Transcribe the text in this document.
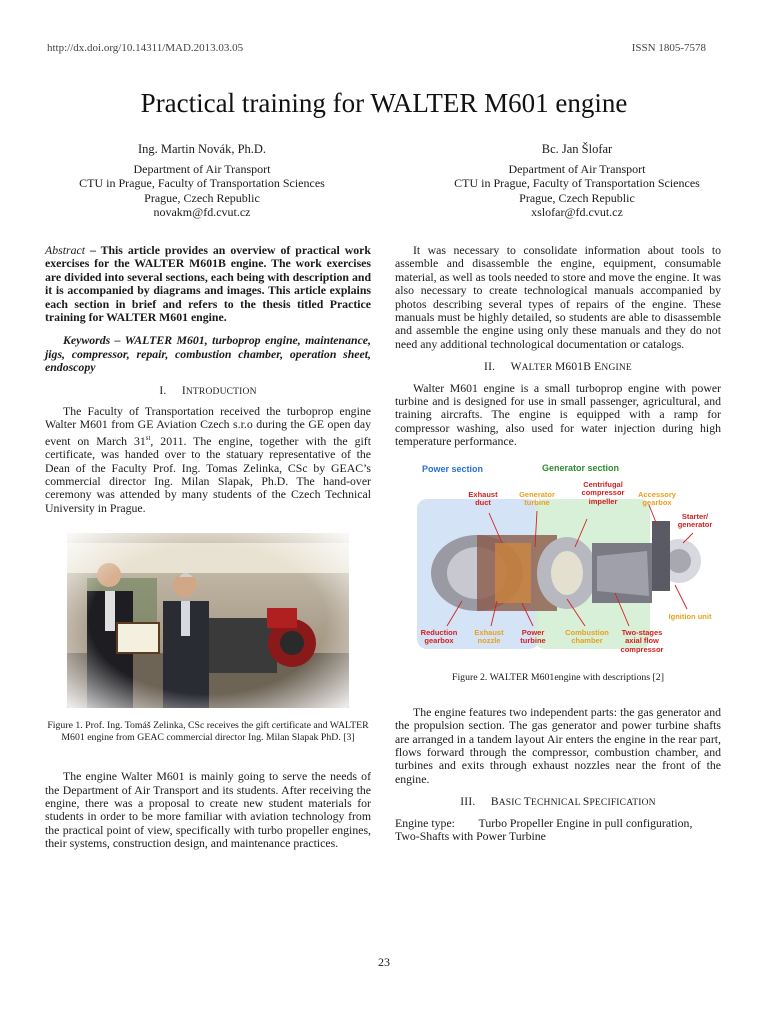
http://dx.doi.org/10.14311/MAD.2013.03.05	ISSN 1805-7578
Practical training for WALTER M601 engine
Ing. Martin Novák, Ph.D.
Department of Air Transport
CTU in Prague, Faculty of Transportation Sciences
Prague, Czech Republic
novakm@fd.cvut.cz
Bc. Jan Šlofar
Department of Air Transport
CTU in Prague, Faculty of Transportation Sciences
Prague, Czech Republic
xslofar@fd.cvut.cz

Abstract – This article provides an overview of practical work exercises for the WALTER M601B engine. The work exercises are divided into several sections, each being with description and it is accompanied by diagrams and images. This article explains each section in brief and refers to the thesis titled Practice training for WALTER M601 engine.

Keywords – WALTER M601, turboprop engine, maintenance, jigs, compressor, repair, combustion chamber, operation sheet, endoscopy

I. INTRODUCTION

The Faculty of Transportation received the turboprop engine Walter M601 from GE Aviation Czech s.r.o during the GE open day event on March 31st, 2011. The engine, together with the gift certificate, was handed over to the statuary representative of the Dean of the Faculty Prof. Ing. Tomas Zelinka, CSc by GEAC’s commercial director Ing. Milan Slapak, Ph.D. The hand-over ceremony was attended by many students of the Czech Technical University in Prague.

Figure 1. Prof. Ing. Tomáš Zelinka, CSc receives the gift certificate and WALTER M601 engine from GEAC commercial director Ing. Milan Slapak PhD. [3]

The engine Walter M601 is mainly going to serve the needs of the Department of Air Transport and its students. After receiving the engine, there was a proposal to create new student materials for students in order to be more familiar with aviation technology from the practical point of view, specifically with turbo propeller engines, their systems, construction design, and maintenance practices.

It was necessary to consolidate information about tools to assemble and disassemble the engine, equipment, consumable material, as well as tools needed to store and move the engine. It was also necessary to create technological manuals accompanied by photos describing several types of repairs of the engine. These manuals must be highly detailed, so students are able to disassemble and assemble the engine using only these manuals and they do not need any additional technological documentation or catalogs.

II. WALTER M601B ENGINE

Walter M601 engine is a small turboprop engine with power turbine and is designed for use in small passenger, agricultural, and training aircrafts. The engine is equipped with a ramp for compressor washing, also used for water injection during high temperature performance.

Power section	Generator section
Exhaust duct
Generator turbine
Centrifugal compressor impeller
Accessory gearbox
Starter/ generator
Ignition unit
Reduction gearbox
Exhaust nozzle
Power turbine
Combustion chamber
Two-stages axial flow compressor

Figure 2. WALTER M601engine with descriptions [2]

The engine features two independent parts: the gas generator and the propulsion section. The gas generator and power turbine shafts are arranged in a tandem layout Air enters the engine in the rear part, flows forward through the compressor, combustion chamber, and turbines and exits through exhaust nozzles near the front of the engine.

III. BASIC TECHNICAL SPECIFICATION

Engine type: Turbo Propeller Engine in pull configuration,

Two-Shafts with Power Turbine

23
